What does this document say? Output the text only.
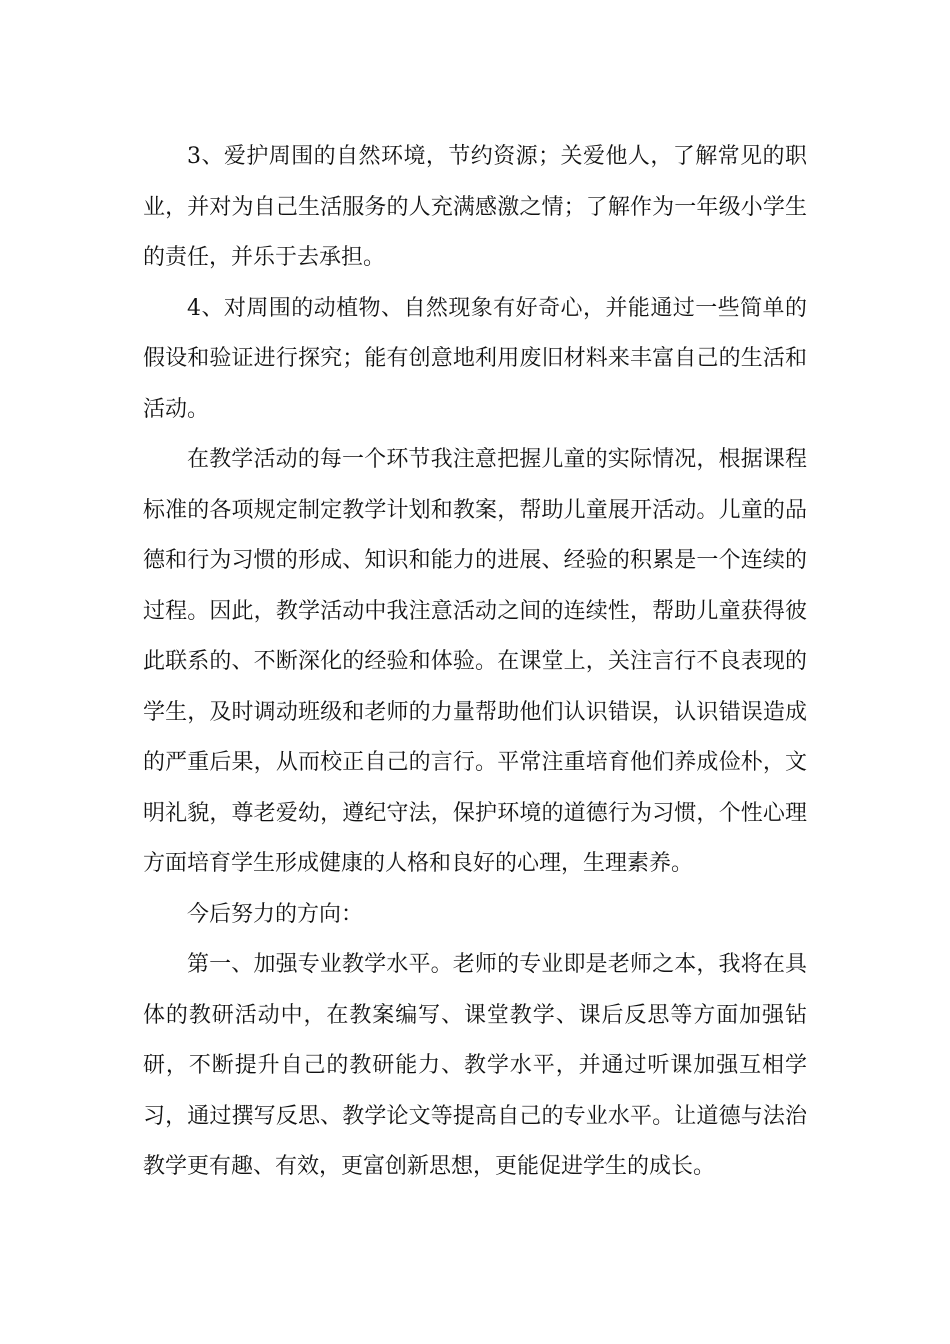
3、爱护周围的自然环境，节约资源；关爱他人，了解常见的职业，并对为自己生活服务的人充满感激之情；了解作为一年级小学生的责任，并乐于去承担。

4、对周围的动植物、自然现象有好奇心，并能通过一些简单的假设和验证进行探究；能有创意地利用废旧材料来丰富自己的生活和活动。

在教学活动的每一个环节我注意把握儿童的实际情况，根据课程标准的各项规定制定教学计划和教案，帮助儿童展开活动。儿童的品德和行为习惯的形成、知识和能力的进展、经验的积累是一个连续的过程。因此，教学活动中我注意活动之间的连续性，帮助儿童获得彼此联系的、不断深化的经验和体验。在课堂上，关注言行不良表现的学生，及时调动班级和老师的力量帮助他们认识错误，认识错误造成的严重后果，从而校正自己的言行。平常注重培育他们养成俭朴，文明礼貌，尊老爱幼，遵纪守法，保护环境的道德行为习惯，个性心理方面培育学生形成健康的人格和良好的心理，生理素养。

今后努力的方向：

第一、加强专业教学水平。老师的专业即是老师之本，我将在具体的教研活动中，在教案编写、课堂教学、课后反思等方面加强钻研，不断提升自己的教研能力、教学水平，并通过听课加强互相学习，通过撰写反思、教学论文等提高自己的专业水平。让道德与法治教学更有趣、有效，更富创新思想，更能促进学生的成长。
